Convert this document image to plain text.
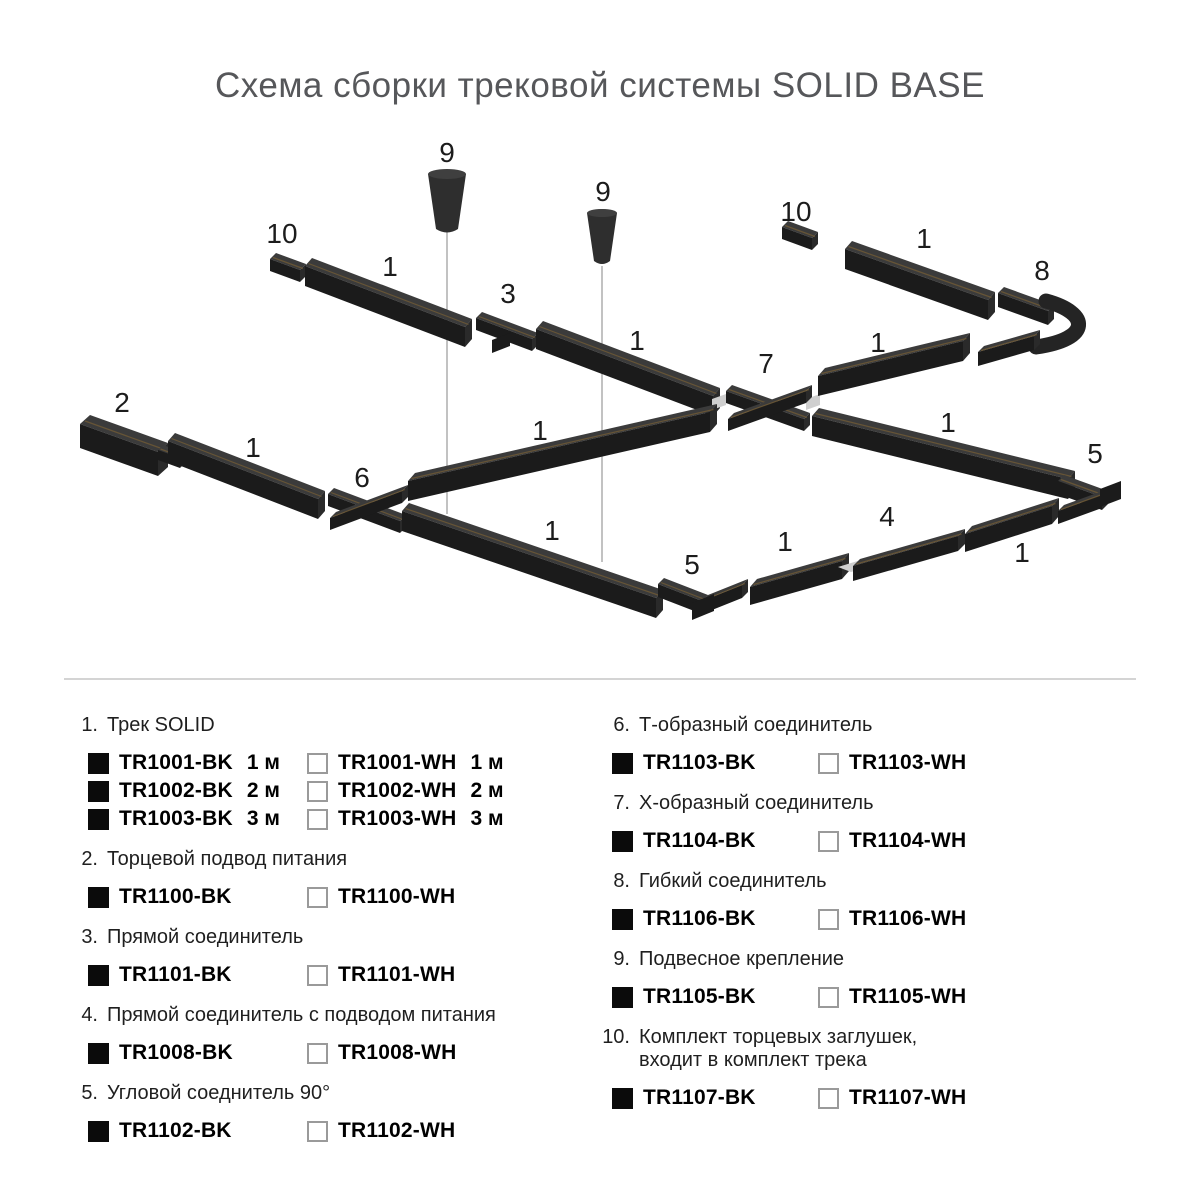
Схема сборки трековой системы SOLID BASE
9
9
10
1
3
1
10
1
8
7
1
2
1
1	1
6
5
1
5
1
4
1
1. Трек SOLID
TR1001-BK 1 м	TR1001-WH 1 м
TR1002-BK 2 м	TR1002-WH 2 м
TR1003-BK 3 м	TR1003-WH 3 м
2. Торцевой подвод питания
TR1100-BK	TR1100-WH
3. Прямой соединитель
TR1101-BK	TR1101-WH
4. Прямой соединитель с подводом питания
TR1008-BK	TR1008-WH
5. Угловой соеднитель 90°
TR1102-BK	TR1102-WH
6. Т-образный соединитель
TR1103-BK	TR1103-WH
7. Х-образный соединитель
TR1104-BK	TR1104-WH
8. Гибкий соединитель
TR1106-BK	TR1106-WH
9. Подвесное крепление
TR1105-BK	TR1105-WH
10. Комплект торцевых заглушек,
входит в комплект трека
TR1107-BK	TR1107-WH
